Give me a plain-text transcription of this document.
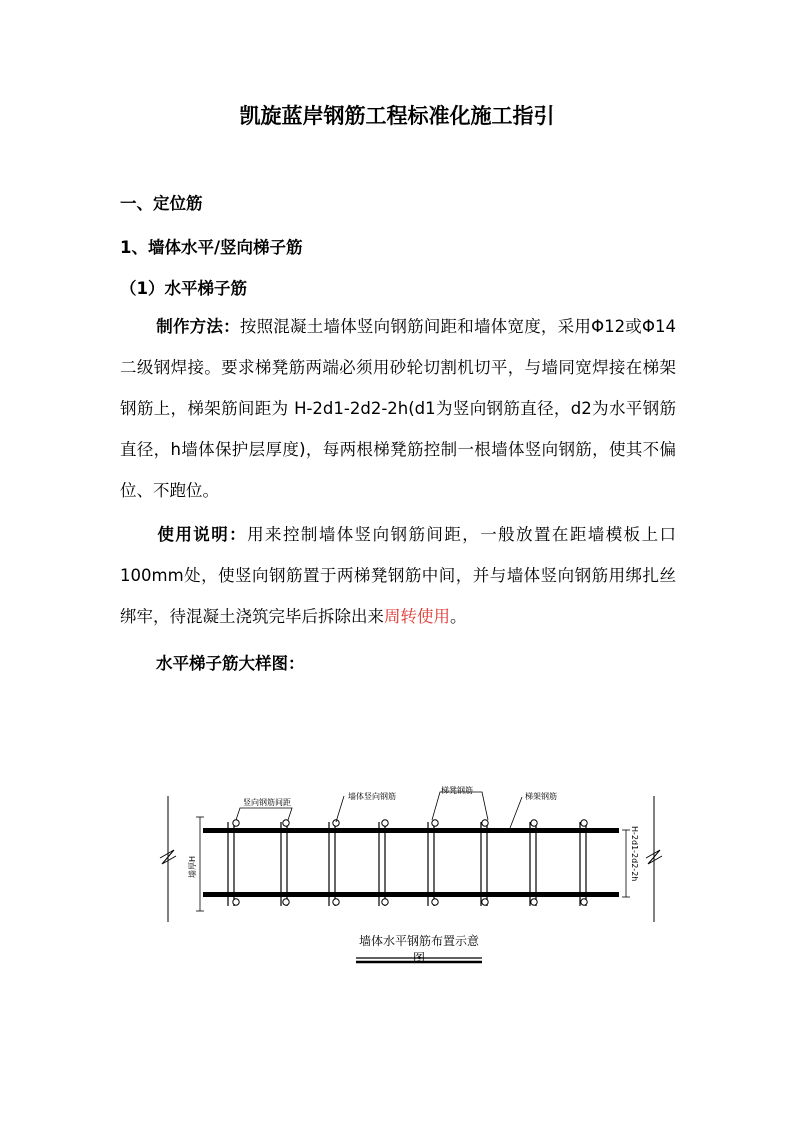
凯旋蓝岸钢筋工程标准化施工指引
一、定位筋
1、墙体水平/竖向梯子筋
（1）水平梯子筋
制作方法：按照混凝土墙体竖向钢筋间距和墙体宽度，采用Φ12或Φ14二级钢焊接。要求梯凳筋两端必须用砂轮切割机切平，与墙同宽焊接在梯架钢筋上，梯架筋间距为 H-2d1-2d2-2h(d1为竖向钢筋直径，d2为水平钢筋直径，h墙体保护层厚度)，每两根梯凳筋控制一根墙体竖向钢筋，使其不偏位、不跑位。
使用说明：用来控制墙体竖向钢筋间距，一般放置在距墙模板上口 100mm处，使竖向钢筋置于两梯凳钢筋中间，并与墙体竖向钢筋用绑扎丝绑牢，待混凝土浇筑完毕后拆除出来周转使用。
水平梯子筋大样图：
墙厚H	H-2d1-2d2-2h
竖向钢筋间距
墙体竖向钢筋
梯凳钢筋
梯架钢筋
墙体水平钢筋布置示意图
